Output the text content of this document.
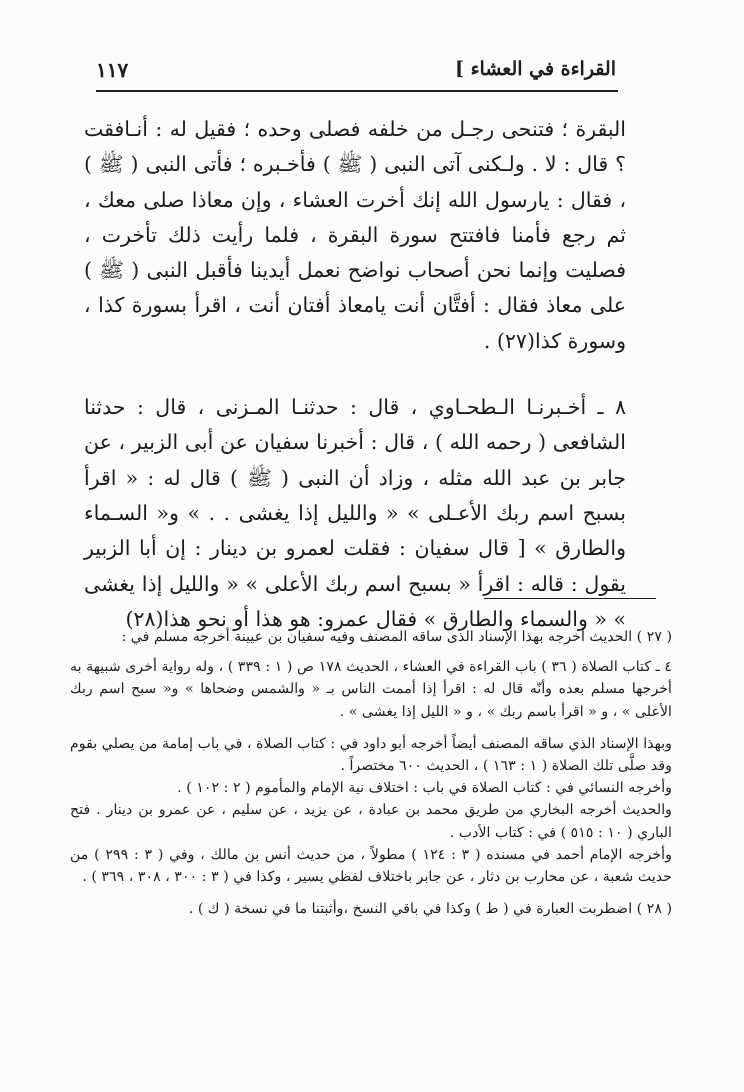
القراءة في العشاء ]
١١٧

البقرة ؛ فتنحى رجـل من خلفه فصلى وحده ؛ فقيل له : أنـافقت ؟ قال : لا . ولـكنى آتى النبى ( ﷺ ) فأخـبره ؛ فأتى النبى ( ﷺ ) ، فقال : يارسول الله إنك أخرت العشاء ، وإن معاذا صلى معك ، ثم رجع فأمنا فافتتح سورة البقرة ، فلما رأيت ذلك تأخرت ، فصليت وإنما نحن أصحاب نواضح نعمل أيدينا فأقبل النبى ( ﷺ ) على معاذ فقال : أفتَّان أنت يامعاذ أفتان أنت ، اقرأ بسورة كذا ، وسورة كذا(٢٧) .

٨ ـ أخـبرنـا الـطحـاوي ، قال : حدثنـا المـزنى ، قال : حدثنا الشافعى ( رحمه الله ) ، قال : أخبرنا سفيان عن أبى الزبير ، عن جابر بن عبد الله مثله ، وزاد أن النبى ( ﷺ ) قال له : « اقرأ بسبح اسم ربك الأعـلى » « والليل إذا يغشى . . » و« السـماء والطارق » [ قال سفيان : فقلت لعمرو بن دينار : إن أبا الزبير يقول : قاله : اقرأ « بسبح اسم ربك الأعلى » « والليل إذا يغشى » « والسماء والطارق » فقال عمرو: هو هذا أو نحو هذا(٢٨)

( ٢٧ ) الحديث أخرجه بهذا الإسناد الذى ساقه المصنف وفيه سفيان بن عيينة أخرجه مسلم في :

٤ ـ كتاب الصلاة ( ٣٦ ) باب القراءة في العشاء ، الحديث ١٧٨ ص ( ١ : ٣٣٩ ) ، وله رواية أخرى شبيهة به أخرجها مسلم بعده وأنّه قال له : اقرأ إذا أممت الناس بـ « والشمس وضحاها » و« سبح اسم ربك الأعلى » ، و « اقرأ باسم ربك » ، و « الليل إذا يغشى » .

وبهذا الإسناد الذي ساقه المصنف أيضاً أخرجه أبو داود في : كتاب الصلاة ، في باب إمامة من يصلي بقوم وقد صلَّى تلك الصلاة ( ١ : ١٦٣ ) ، الحديث ٦٠٠ مختصراً .

وأخرجه النسائي في : كتاب الصلاة في باب : اختلاف نية الإمام والمأموم ( ٢ : ١٠٢ ) .

والحديث أخرجه البخاري من طريق محمد بن عبادة ، عن يزيد ، عن سليم ، عن عمرو بن دينار . فتح الباري ( ١٠ : ٥١٥ ) في : كتاب الأدب .

وأخرجه الإمام أحمد في مسنده ( ٣ : ١٢٤ ) مطولاً ، من حديث أنس بن مالك ، وفي ( ٣ : ٢٩٩ ) من حديث شعبة ، عن محارب بن دثار ، عن جابر باختلاف لفظي يسير ، وكذا في ( ٣ : ٣٠٠ ، ٣٠٨ ، ٣٦٩ ) .

( ٢٨ ) اضطربت العبارة في ( ط ) وكذا في باقي النسخ ،وأثبتنا ما في نسخة ( ك ) .
